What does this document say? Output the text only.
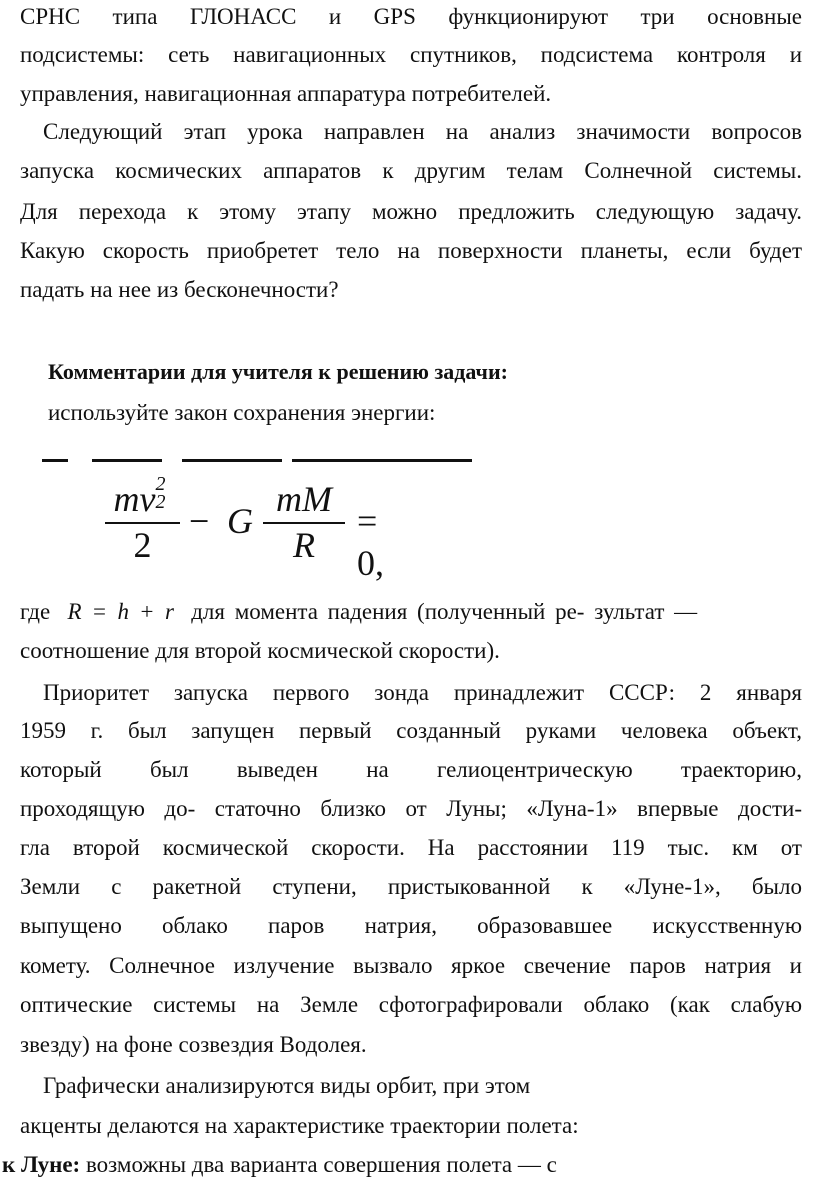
СРНС типа ГЛОНАСС и GPS функционируют три основные
подсистемы: сеть навигационных спутников, подсистема контроля и
управления, навигационная аппаратура потребителей.
Следующий этап урока направлен на анализ значимости вопросов
запуска космических аппаратов к другим телам Солнечной системы.
Для перехода к этому этапу можно предложить следующую задачу.
Какую скорость приобретет тело на поверхности планеты, если будет
падать на нее из бесконечности?
Комментарии для учителя к решению задачи:
используйте закон сохранения энергии:
mv 2
2
2
− G
mM
R
= 0,
где R = h + r для момента падения (полученный ре- зультат —
соотношение для второй космической скорости).
Приоритет запуска первого зонда принадлежит СССР: 2 января
1959 г. был запущен первый созданный руками человека объект,
который был выведен на гелиоцентрическую траекторию,
проходящую до- статочно близко от Луны; «Луна-1» впервые дости-
гла второй космической скорости. На расстоянии 119 тыс. км от
Земли с ракетной ступени, пристыкованной к «Луне-1», было
выпущено облако паров натрия, образовавшее искусственную
комету. Солнечное излучение вызвало яркое свечение паров натрия и
оптические системы на Земле сфотографировали облако (как слабую
звезду) на фоне созвездия Водолея.
Графически анализируются виды орбит, при этом
акценты делаются на характеристике траектории полета:
к Луне: возможны два варианта совершения полета — с
